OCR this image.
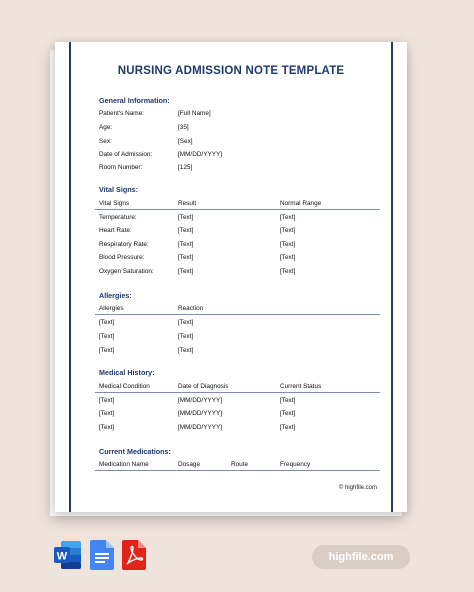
NURSING ADMISSION NOTE TEMPLATE
General Information:
Patient's Name:	[Full Name]
Age:	[35]
Sex:	[Sex]
Date of Admission:	[MM/DD/YYYY]
Room Number:	[125]
Vital Signs:
Vital Signs	Result	Normal Range
Temperature:	[Text]	[Text]
Heart Rate:	[Text]	[Text]
Respiratory Rate:	[Text]	[Text]
Blood Pressure:	[Text]	[Text]
Oxygen Saturation:	[Text]	[Text]
Allergies:
Allergies	Reaction
[Text]	[Text]
[Text]	[Text]
[Text]	[Text]
Medical History:
Medical Condition	Date of Diagnosis	Current Status
[Text]	[MM/DD/YYYY]	[Text]
[Text]	[MM/DD/YYYY]	[Text]
[Text]	[MM/DD/YYYY]	[Text]
Current Medications:
Medication Name	Dosage	Route	Frequency
© highfile.com
W	highfile.com
